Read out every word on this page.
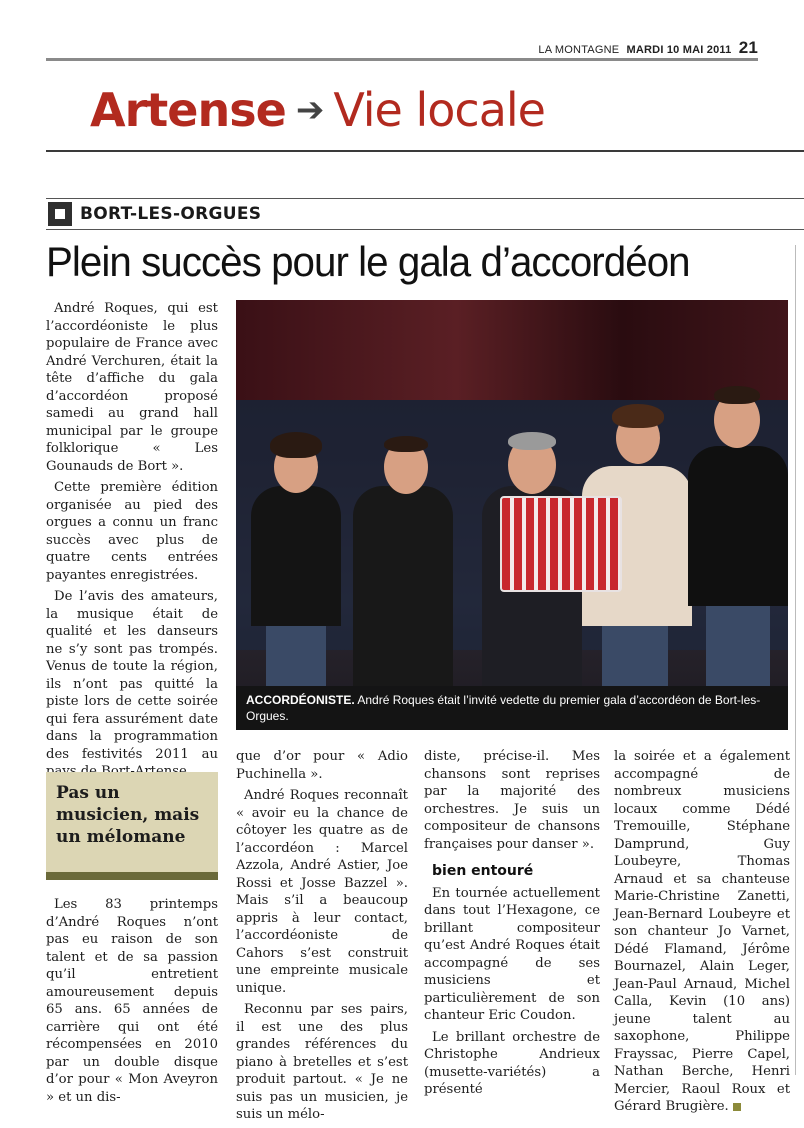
LA MONTAGNE MARDI 10 MAI 2011 21
Artense ➔ Vie locale
BORT-LES-ORGUES
Plein succès pour le gala d’accordéon

André Roques, qui est l’accordéoniste le plus populaire de France avec André Verchuren, était la tête d’affiche du gala d’accordéon proposé samedi au grand hall municipal par le groupe folklorique « Les Gounauds de Bort ».

Cette première édition organisée au pied des orgues a connu un franc succès avec plus de quatre cents entrées payantes enregistrées.

De l’avis des amateurs, la musique était de qualité et les danseurs ne s’y sont pas trompés. Venus de toute la région, ils n’ont pas quitté la piste lors de cette soirée qui fera assurément date dans la programmation des festivités 2011 au

Pas un musicien, mais un mélomane

Les 83 printemps d’André Roques n’ont pas eu raison de son talent et de sa passion qu’il entretient amoureusement depuis 65 ans. 65 années de carrière qui ont été récompensées en 2010 par un double disque d’or pour « Mon Aveyron » et un dis-

ACCORDÉONISTE. André Roques était l’invité vedette du premier gala d’accordéon de Bort-les-Orgues.

que d’or pour « Adio Puchinella ».

André Roques reconnaît « avoir eu la chance de côtoyer les quatre as de l’accordéon : Marcel Azzola, André Astier, Joe Rossi et Josse Bazzel ». Mais s’il a beaucoup appris à leur contact, l’accordéoniste de Cahors s’est construit une empreinte musicale unique.

Reconnu par ses pairs, il est une des plus grandes références du piano à bretelles et s’est produit partout. « Je ne suis pas un musicien, je suis un mélo-

diste, précise-il. Mes chansons sont reprises par la majorité des orchestres. Je suis un compositeur de chansons françaises pour danser ».

bien entouré

En tournée actuellement dans tout l’Hexagone, ce brillant compositeur qu’est André Roques était accompagné de ses musiciens et particulièrement de son chanteur Eric Coudon.

Le brillant orchestre de Christophe Andrieux (musette-variétés) a présenté

la soirée et a également accompagné de nombreux musiciens locaux comme Dédé Tremouille, Stéphane Damprund, Guy Loubeyre, Thomas Arnaud et sa chanteuse Marie-Christine Zanetti, Jean-Bernard Loubeyre et son chanteur Jo Varnet, Dédé Flamand, Jérôme Bournazel, Alain Leger, Jean-Paul Arnaud, Michel Calla, Kevin (10 ans) jeune talent au saxophone, Philippe Frayssac, Pierre Capel, Nathan Berche, Henri Mercier, Raoul Roux et Gérard Brugière.
